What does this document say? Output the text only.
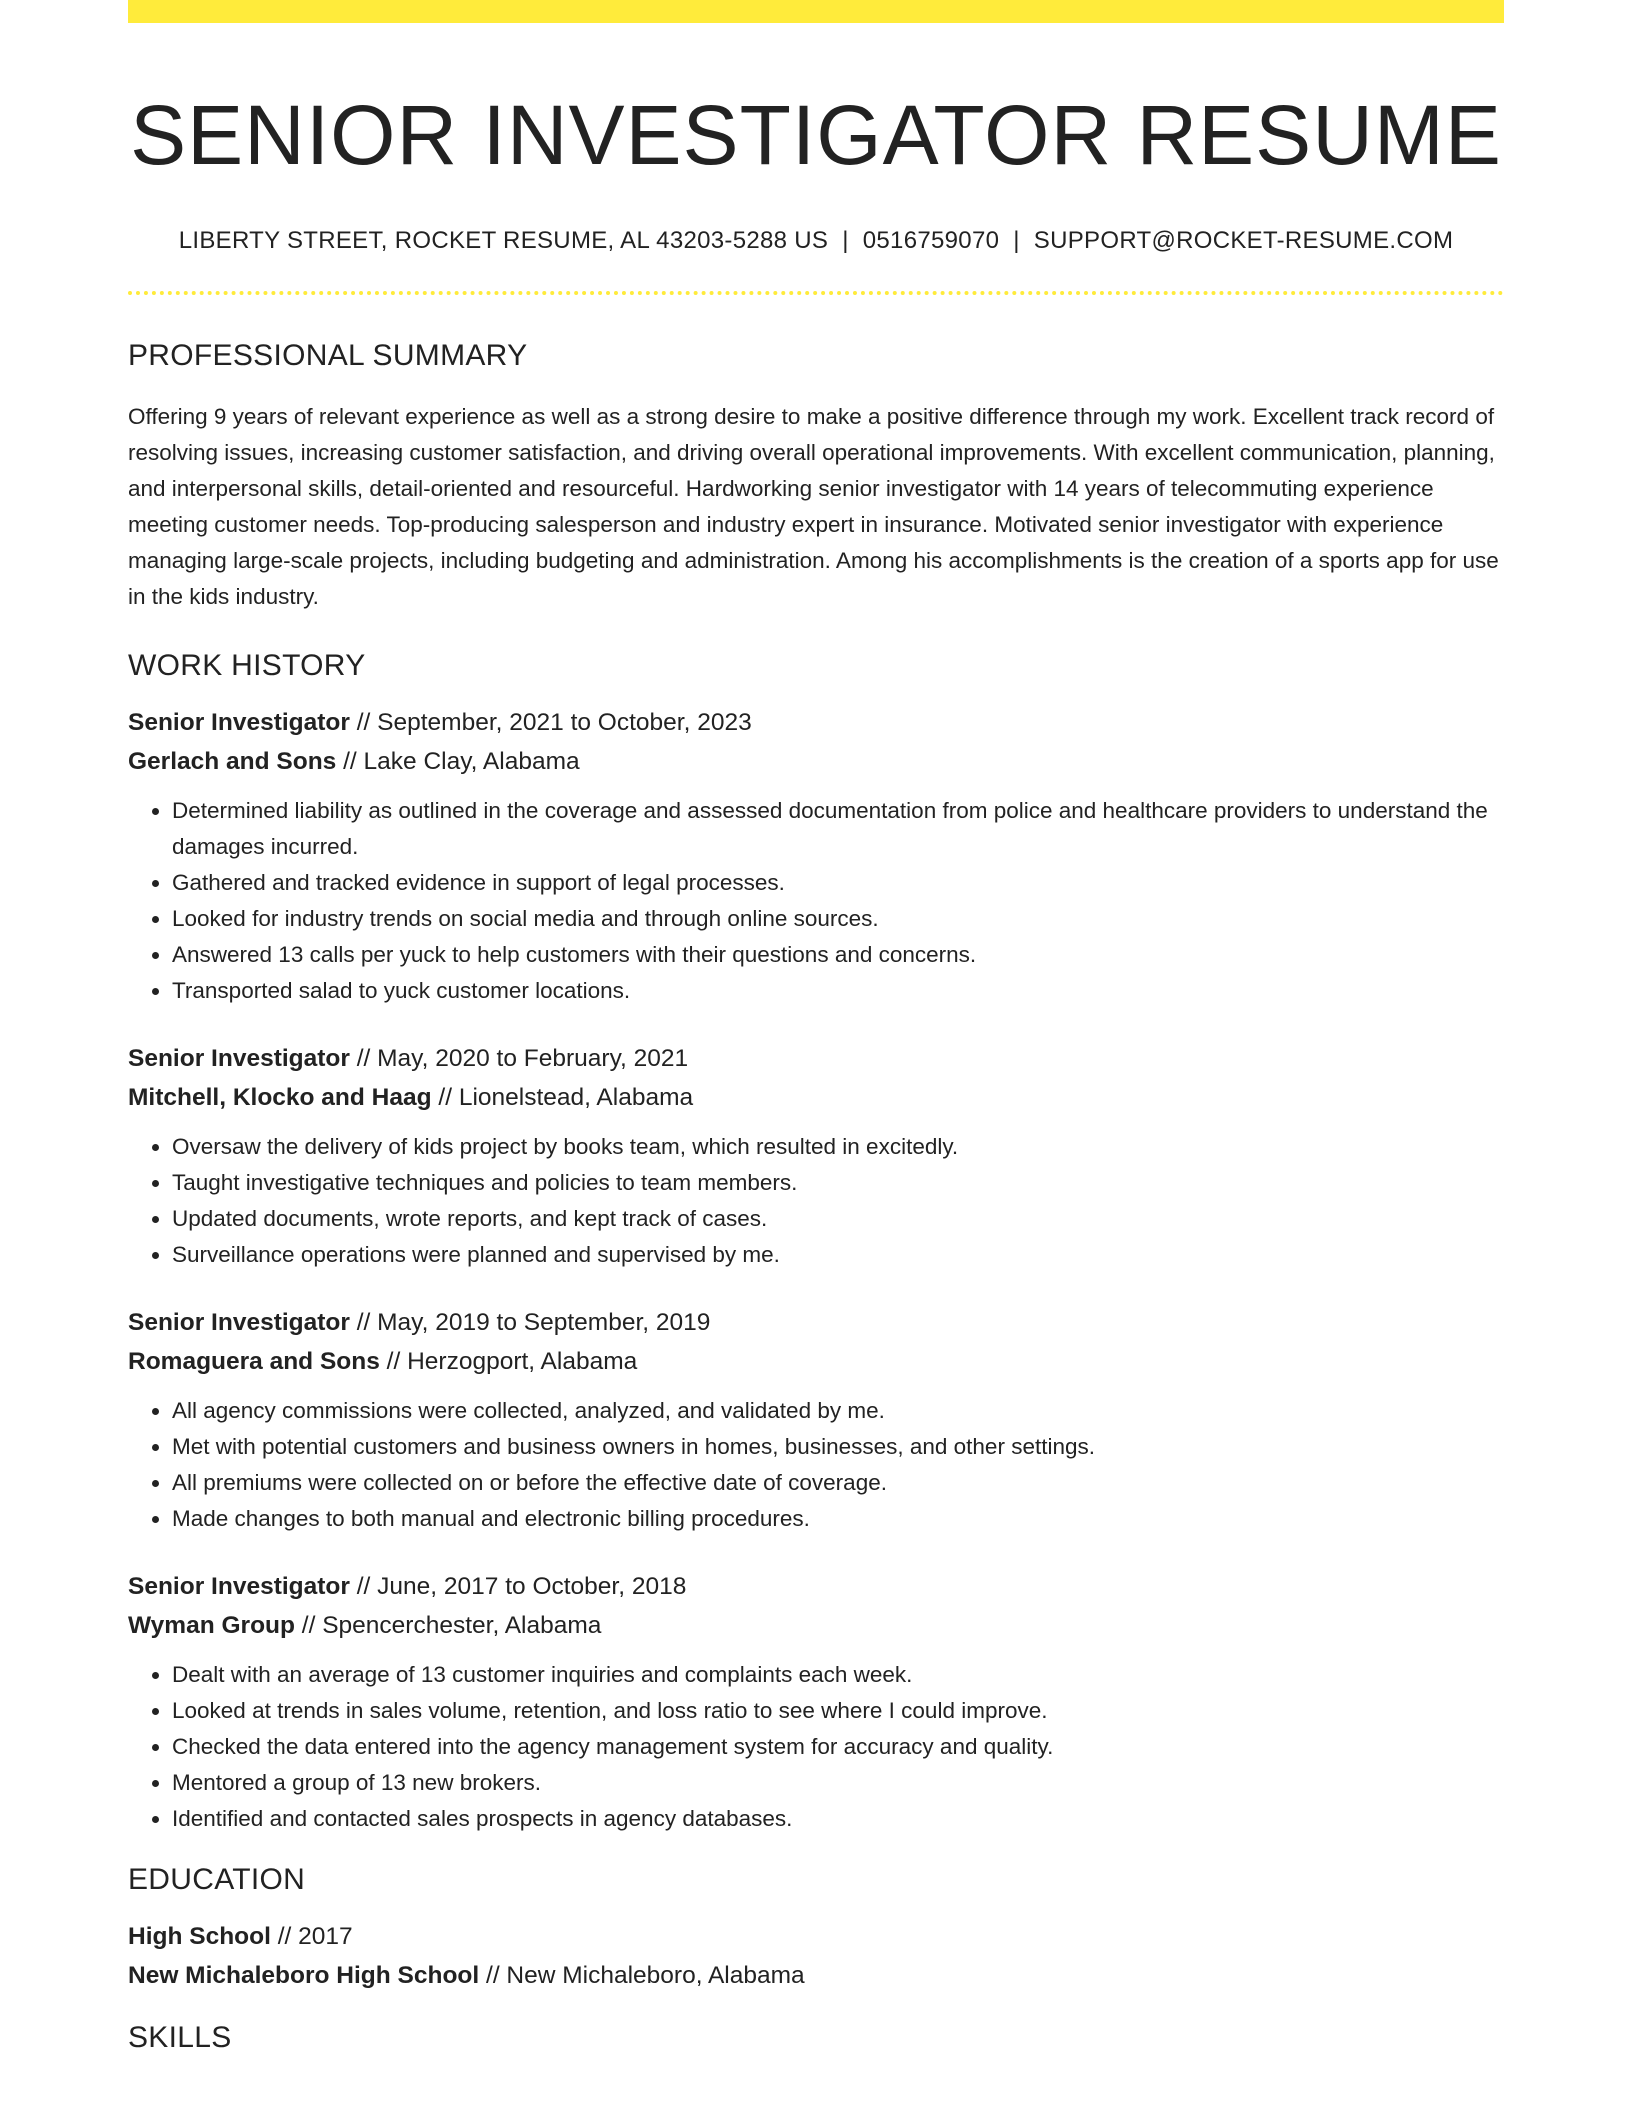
SENIOR INVESTIGATOR RESUME
LIBERTY STREET, ROCKET RESUME, AL 43203-5288 US | 0516759070 | SUPPORT@ROCKET-RESUME.COM
PROFESSIONAL SUMMARY

Offering 9 years of relevant experience as well as a strong desire to make a positive difference through my work. Excellent track record of resolving issues, increasing customer satisfaction, and driving overall operational improvements. With excellent communication, planning, and interpersonal skills, detail-oriented and resourceful. Hardworking senior investigator with 14 years of telecommuting experience meeting customer needs. Top-producing salesperson and industry expert in insurance. Motivated senior investigator with experience managing large-scale projects, including budgeting and administration. Among his accomplishments is the creation of a sports app for use in the kids industry.

WORK HISTORY
Senior Investigator // September, 2021 to October, 2023
Gerlach and Sons // Lake Clay, Alabama
• Determined liability as outlined in the coverage and assessed documentation from police and healthcare providers to understand the damages incurred.
• Gathered and tracked evidence in support of legal processes.
• Looked for industry trends on social media and through online sources.
• Answered 13 calls per yuck to help customers with their questions and concerns.
• Transported salad to yuck customer locations.
Senior Investigator // May, 2020 to February, 2021
Mitchell, Klocko and Haag // Lionelstead, Alabama
• Oversaw the delivery of kids project by books team, which resulted in excitedly.
• Taught investigative techniques and policies to team members.
• Updated documents, wrote reports, and kept track of cases.
• Surveillance operations were planned and supervised by me.
Senior Investigator // May, 2019 to September, 2019
Romaguera and Sons // Herzogport, Alabama
• All agency commissions were collected, analyzed, and validated by me.
• Met with potential customers and business owners in homes, businesses, and other settings.
• All premiums were collected on or before the effective date of coverage.
• Made changes to both manual and electronic billing procedures.
Senior Investigator // June, 2017 to October, 2018
Wyman Group // Spencerchester, Alabama
• Dealt with an average of 13 customer inquiries and complaints each week.
• Looked at trends in sales volume, retention, and loss ratio to see where I could improve.
• Checked the data entered into the agency management system for accuracy and quality.
• Mentored a group of 13 new brokers.
• Identified and contacted sales prospects in agency databases.
EDUCATION
High School // 2017
New Michaleboro High School // New Michaleboro, Alabama
SKILLS
